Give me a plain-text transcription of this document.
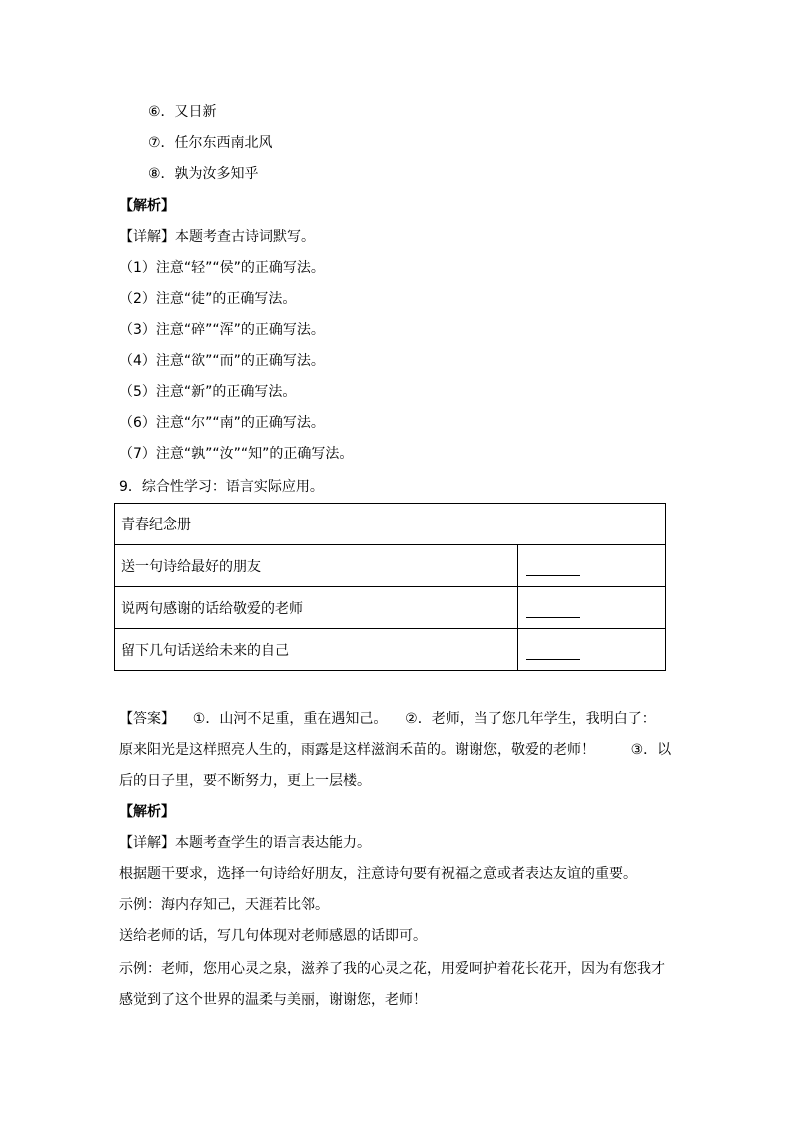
⑥．又日新
⑦．任尔东西南北风
⑧．孰为汝多知乎
【解析】
【详解】本题考查古诗词默写。
（1）注意“轻”“侯”的正确写法。
（2）注意“徒”的正确写法。
（3）注意“碎”“浑”的正确写法。
（4）注意“欲”“而”的正确写法。
（5）注意“新”的正确写法。
（6）注意“尔”“南”的正确写法。
（7）注意“孰”“汝”“知”的正确写法。
9．综合性学习：语言实际应用。
青春纪念册	
送一句诗给最好的朋友	
说两句感谢的话给敬爱的老师	
留下几句话送给未来的自己	
【答案】    ①．山河不足重，重在遇知己。    ②．老师，当了您几年学生，我明白了：
原来阳光是这样照亮人生的，雨露是这样滋润禾苗的。谢谢您，敬爱的老师！        ③．以
后的日子里，要不断努力，更上一层楼。
【解析】
【详解】本题考查学生的语言表达能力。
根据题干要求，选择一句诗给好朋友，注意诗句要有祝福之意或者表达友谊的重要。
示例：海内存知己，天涯若比邻。
送给老师的话，写几句体现对老师感恩的话即可。
示例：老师，您用心灵之泉，滋养了我的心灵之花，用爱呵护着花长花开，因为有您我才
感觉到了这个世界的温柔与美丽，谢谢您，老师！
